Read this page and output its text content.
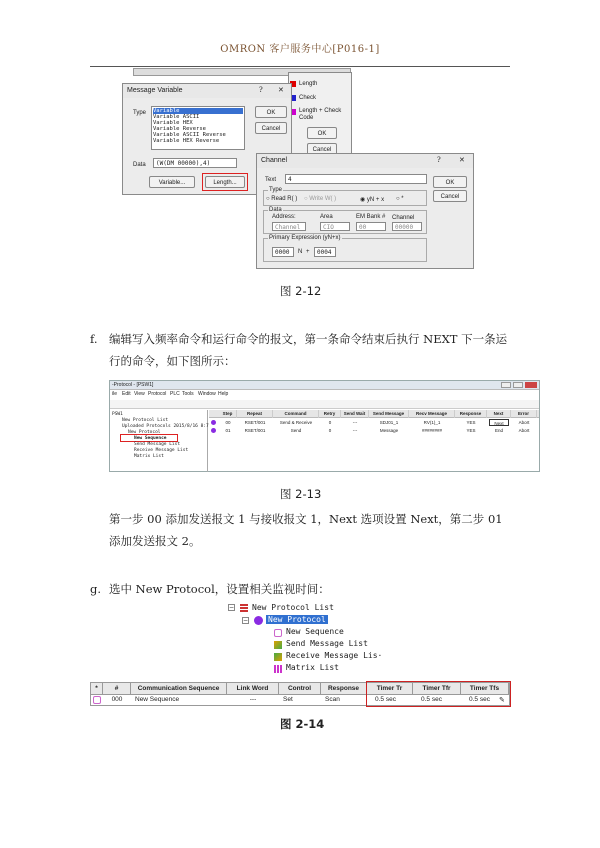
OMRON 客户服务中心[P016-1]
Length
Check
Length + Check Code
OK
Cancel
Message Variable	? ✕
Type Variable
Variable ASCII
Variable HEX
Variable Reverse
Variable ASCII Reverse
Variable HEX Reverse
OK
Cancel
Data	(W(DM 00000),4)
Variable...	Length...
Channel	?	✕
Text	4	OK
Cancel
Type
○ Read R( ) ○ Write W( )	◉ yN + x ○ *
Data
Address:	Area	EM Bank # Channel
Channel	CIO	00	00000
Primary Expression (yN+x)
0000	N +	0004
图 2-12
f. 编辑写入频率命令和运行命令的报文，第一条命令结束后执行 NEXT 下一条运行的命令，如下图所示：
-Protocol - [PSW1]
ile Edit View Protocol PLC Tools Window Help
PSW1
New Protocol List
Uploaded Protocols 2015/8/16 8:7
New Protocol
New Sequence
Send Message List
Receive Message List
Matrix List
Step	Repeat	Command	Retry	Send Wait	Send Message	Recv Message	Response	Next	Error
00	RSET/001	Send & Receive	0	---	SDJ01_1	RV(1)_1	YES	Next	Abort
01	RSET/001	Send	0	---	Message	########	YES	End	Abort
图 2-13
第一步 00 添加发送报文 1 与接收报文 1，Next 选项设置 Next，第二步 01 添加发送报文 2。
g. 选中 New Protocol，设置相关监视时间：
− New Protocol List
− New Protocol
New Sequence
Send Message List
Receive Message Lis·
Matrix List
*	#	Communication Sequence	Link Word	Control	Response	Timer Tr	Timer Tfr	Timer Tfs
000	New Sequence	---	Set	Scan	0.5 sec	0.5 sec	0.5 sec	✎
图 2-14
